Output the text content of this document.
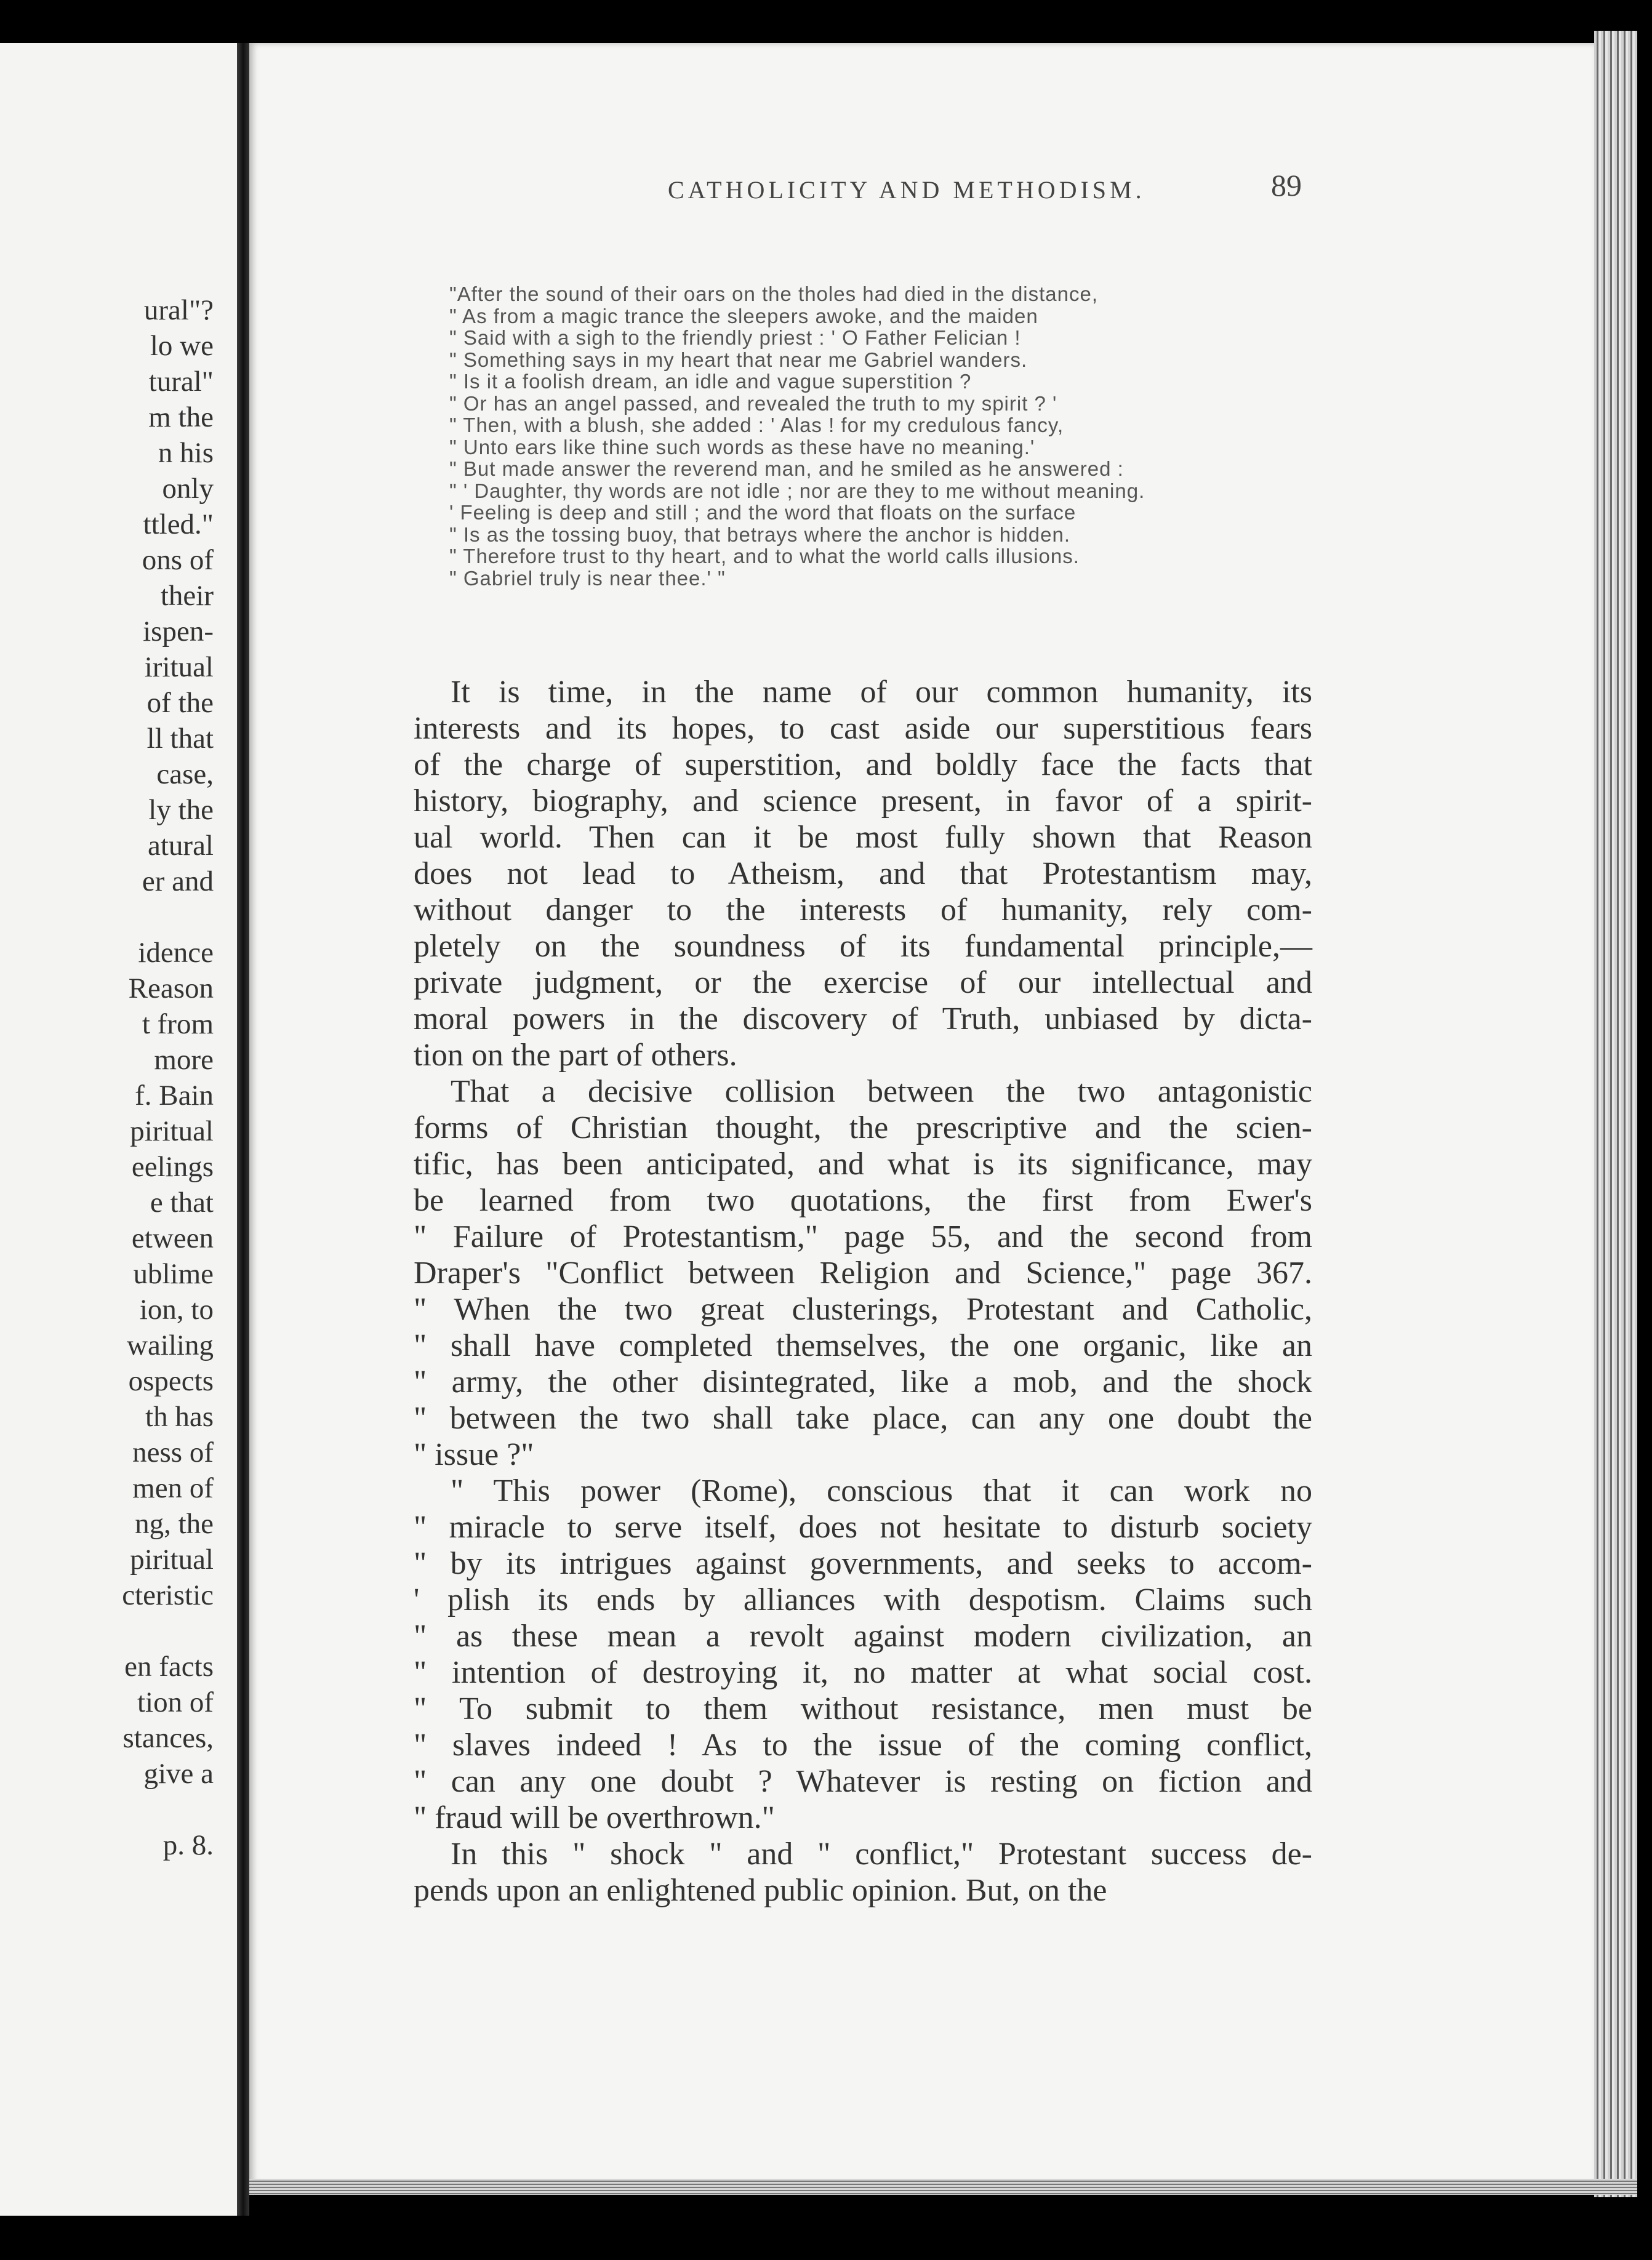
ural"?
lo we
tural"
m the
n his
only
ttled."
ons of
their
ispen-
iritual
of the
ll that
case,
ly the
atural
er and
idence
Reason
t from
more
f. Bain
piritual
eelings
e that
etween
ublime
ion, to
wailing
ospects
th has
ness of
men of
ng, the
piritual
cteristic
en facts
tion of
stances,
give a
p. 8.
CATHOLICITY AND METHODISM.	89
"After the sound of their oars on the tholes had died in the distance,
" As from a magic trance the sleepers awoke, and the maiden
" Said with a sigh to the friendly priest : ' O Father Felician !
" Something says in my heart that near me Gabriel wanders.
" Is it a foolish dream, an idle and vague superstition ?
" Or has an angel passed, and revealed the truth to my spirit ? '
" Then, with a blush, she added : ' Alas ! for my credulous fancy,
" Unto ears like thine such words as these have no meaning.'
" But made answer the reverend man, and he smiled as he answered :
" ' Daughter, thy words are not idle ; nor are they to me without meaning.
' Feeling is deep and still ; and the word that floats on the surface
" Is as the tossing buoy, that betrays where the anchor is hidden.
" Therefore trust to thy heart, and to what the world calls illusions.
" Gabriel truly is near thee.' "
It is time, in the name of our common humanity, its
interests and its hopes, to cast aside our superstitious fears
of the charge of superstition, and boldly face the facts that
history, biography, and science present, in favor of a spirit-
ual world. Then can it be most fully shown that Reason
does not lead to Atheism, and that Protestantism may,
without danger to the interests of humanity, rely com-
pletely on the soundness of its fundamental principle,—
private judgment, or the exercise of our intellectual and
moral powers in the discovery of Truth, unbiased by dicta-
tion on the part of others.
That a decisive collision between the two antagonistic
forms of Christian thought, the prescriptive and the scien-
tific, has been anticipated, and what is its significance, may
be learned from two quotations, the first from Ewer's
" Failure of Protestantism," page 55, and the second from
Draper's "Conflict between Religion and Science," page 367.
" When the two great clusterings, Protestant and Catholic,
" shall have completed themselves, the one organic, like an
" army, the other disintegrated, like a mob, and the shock
" between the two shall take place, can any one doubt the
" issue ?"
" This power (Rome), conscious that it can work no
" miracle to serve itself, does not hesitate to disturb society
" by its intrigues against governments, and seeks to accom-
' plish its ends by alliances with despotism. Claims such
" as these mean a revolt against modern civilization, an
" intention of destroying it, no matter at what social cost.
" To submit to them without resistance, men must be
" slaves indeed ! As to the issue of the coming conflict,
" can any one doubt ? Whatever is resting on fiction and
" fraud will be overthrown."
In this " shock " and " conflict," Protestant success de-
pends upon an enlightened public opinion. But, on the
